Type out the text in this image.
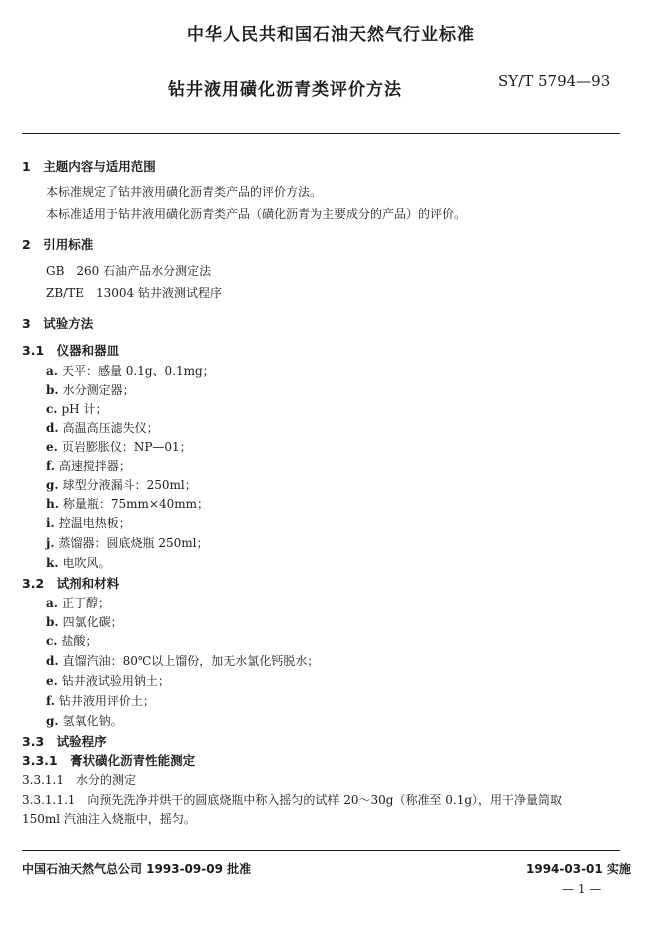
中华人民共和国石油天然气行业标准
钻井液用磺化沥青类评价方法	SY/T 5794—93
1　主题内容与适用范围
本标准规定了钻井液用磺化沥青类产品的评价方法。
本标准适用于钻井液用磺化沥青类产品（磺化沥青为主要成分的产品）的评价。
2　引用标准
GB　260 石油产品水分测定法
ZB/TE　13004 钻井液测试程序
3　试验方法
3.1　仪器和器皿
a. 天平：感量 0.1g、0.1mg；
b. 水分测定器；
c. pH 计；
d. 高温高压滤失仪；
e. 页岩膨胀仪：NP—01；
f. 高速搅拌器；
g. 球型分液漏斗：250ml；
h. 称量瓶：75mm×40mm；
i. 控温电热板；
j. 蒸馏器：圆底烧瓶 250ml；
k. 电吹风。
3.2　试剂和材料
a. 正丁醇；
b. 四氯化碳；
c. 盐酸；
d. 直馏汽油：80℃以上馏份，加无水氯化钙脱水；
e. 钻井液试验用钠土；
f. 钻井液用评价土；
g. 氢氧化钠。
3.3　试验程序
3.3.1　膏状磺化沥青性能测定
3.3.1.1　水分的测定
3.3.1.1.1　向预先洗净并烘干的圆底烧瓶中称入摇匀的试样 20～30g（称准至 0.1g），用干净量筒取
150ml 汽油注入烧瓶中，摇匀。
中国石油天然气总公司 1993-09-09 批准	1994-03-01 实施
— 1 —
